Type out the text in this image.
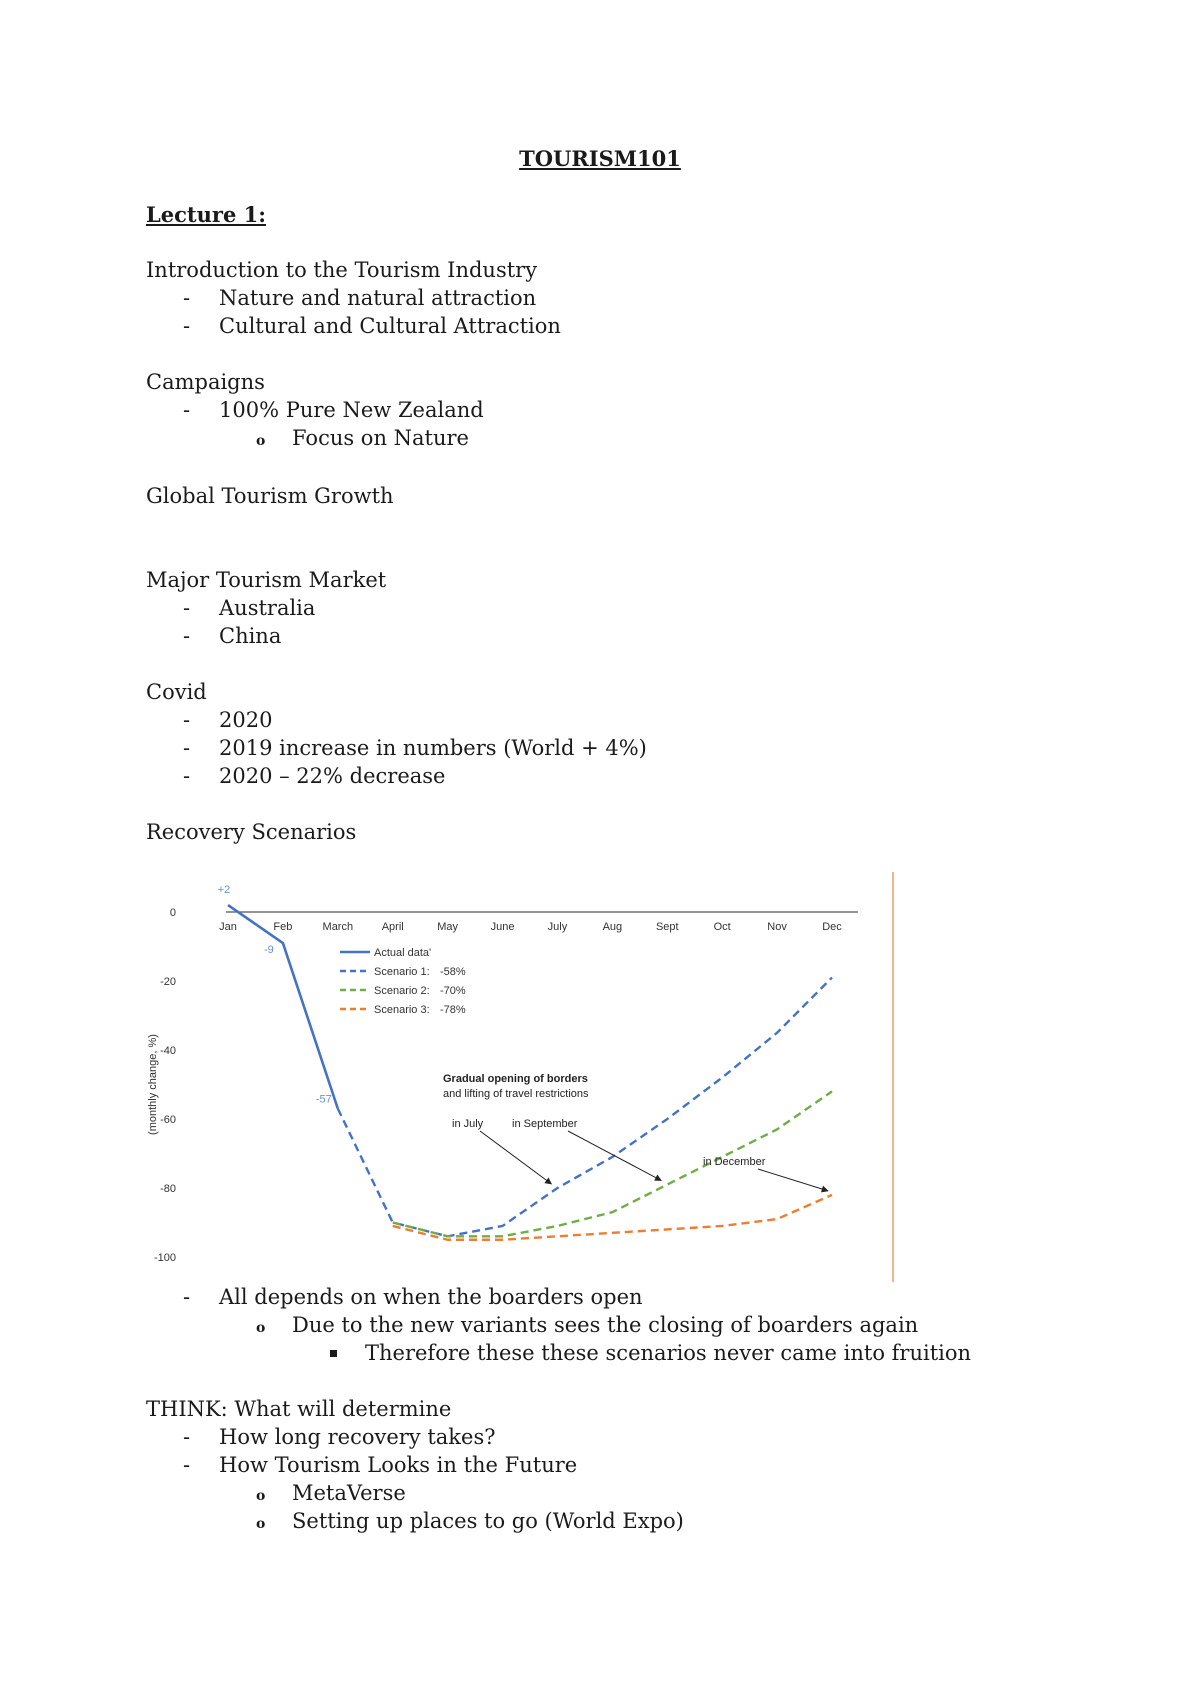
TOURISM101
Lecture 1:
Introduction to the Tourism Industry
- Nature and natural attraction
- Cultural and Cultural Attraction
Campaigns
- 100% Pure New Zealand
o Focus on Nature
Global Tourism Growth
Major Tourism Market
- Australia
- China
Covid
- 2020
- 2019 increase in numbers (World + 4%)
- 2020 – 22% decrease
Recovery Scenarios
0
-20
-40
-60
-80
-100
(monthly change, %)
Jan	Feb	March	April	May	June	July	Aug	Sept	Oct	Nov	Dec
+2
-9
-57
Actual data'
Scenario 1: -58%
Scenario 2: -70%
Scenario 3: -78%
Gradual opening of borders
and lifting of travel restrictions
in July	in September
in December
- All depends on when the boarders open
o Due to the new variants sees the closing of boarders again
Therefore these these scenarios never came into fruition
THINK: What will determine
- How long recovery takes?
- How Tourism Looks in the Future
o MetaVerse
o Setting up places to go (World Expo)
